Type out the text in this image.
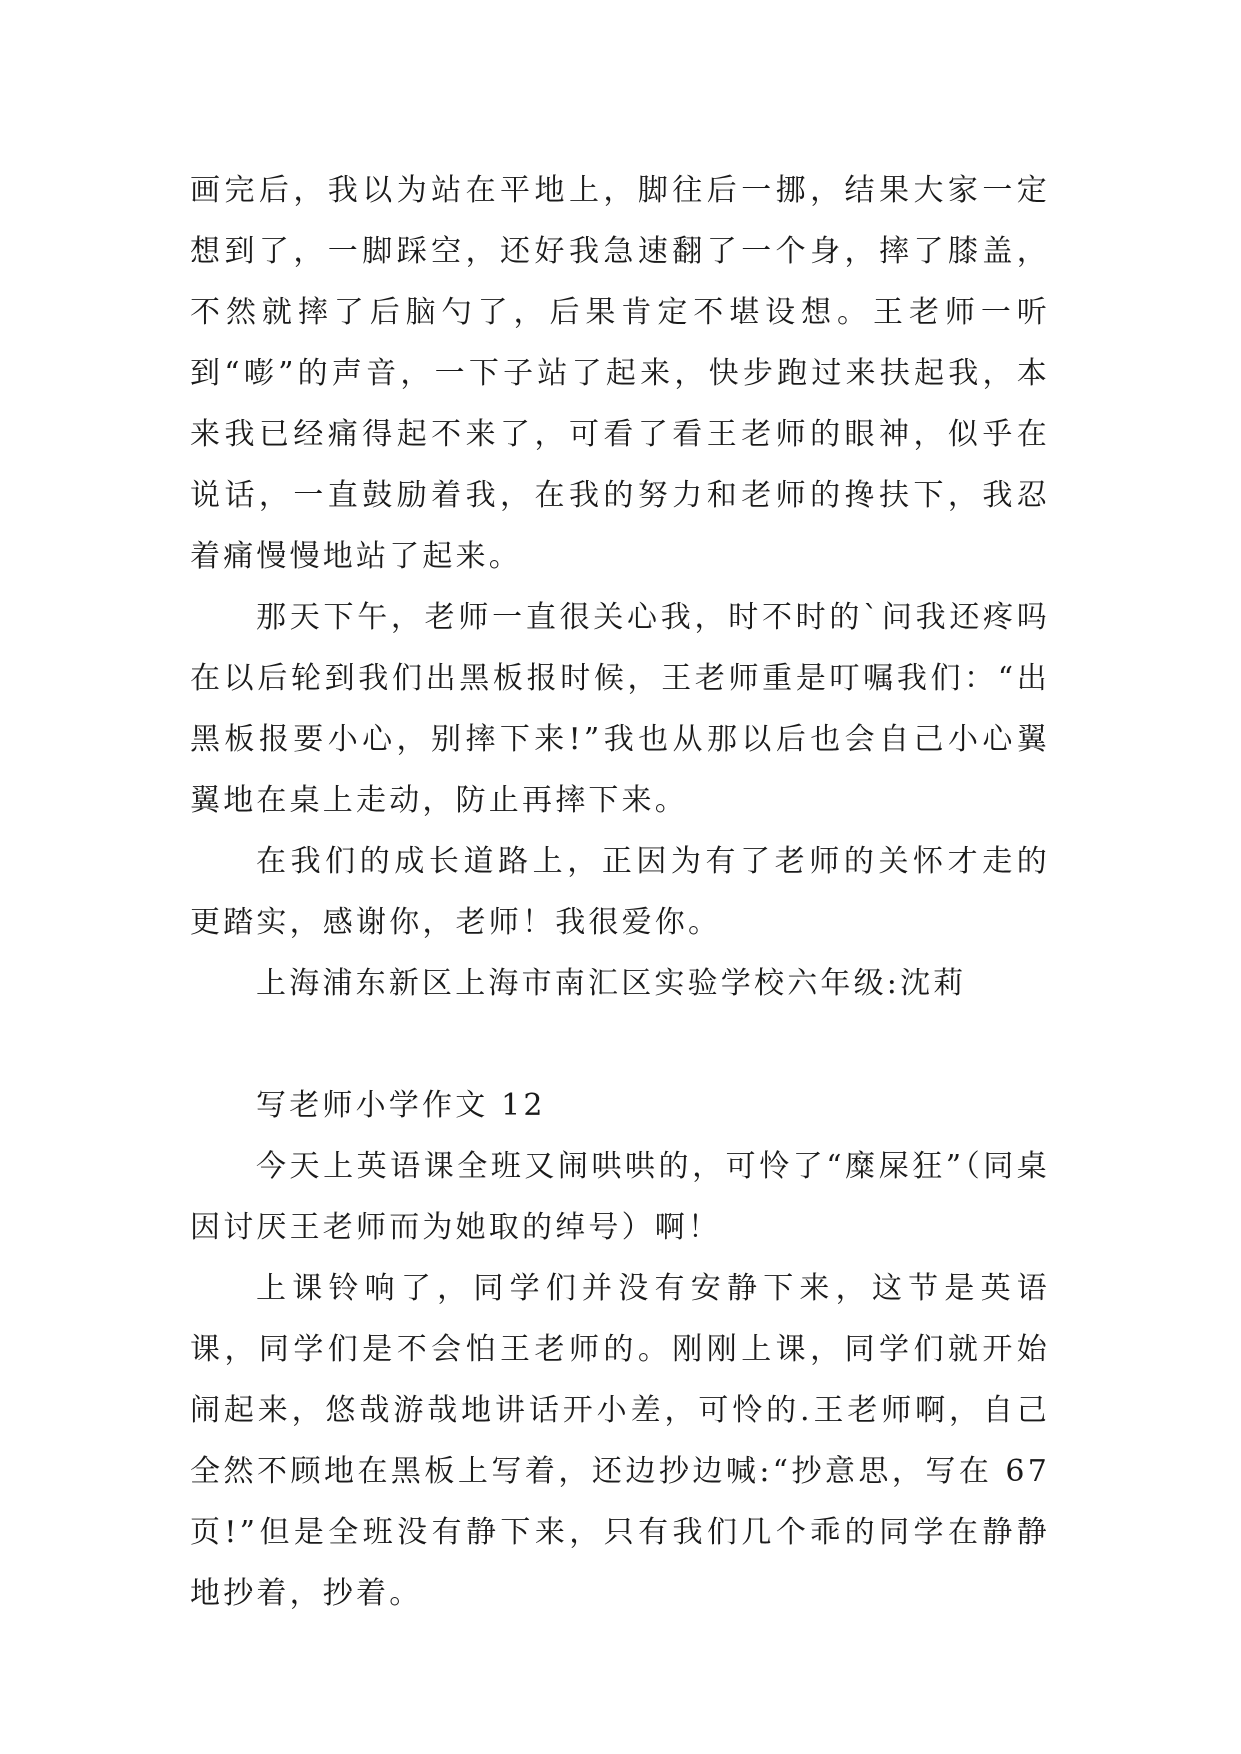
画完后，我以为站在平地上，脚往后一挪，结果大家一定想到了，一脚踩空，还好我急速翻了一个身，摔了膝盖，不然就摔了后脑勺了，后果肯定不堪设想。王老师一听到“嘭”的声音，一下子站了起来，快步跑过来扶起我，本来我已经痛得起不来了，可看了看王老师的眼神，似乎在说话，一直鼓励着我，在我的努力和老师的搀扶下，我忍着痛慢慢地站了起来。

那天下午，老师一直很关心我，时不时的`问我还疼吗在以后轮到我们出黑板报时候，王老师重是叮嘱我们：“出黑板报要小心，别摔下来!”我也从那以后也会自己小心翼翼地在桌上走动，防止再摔下来。

在我们的成长道路上，正因为有了老师的关怀才走的更踏实，感谢你，老师！我很爱你。

上海浦东新区上海市南汇区实验学校六年级:沈莉

写老师小学作文 12

今天上英语课全班又闹哄哄的，可怜了“糜屎狂”（同桌因讨厌王老师而为她取的绰号）啊！

上课铃响了，同学们并没有安静下来，这节是英语课，同学们是不会怕王老师的。刚刚上课，同学们就开始闹起来，悠哉游哉地讲话开小差，可怜的.王老师啊，自己全然不顾地在黑板上写着，还边抄边喊:“抄意思，写在 67 页!”但是全班没有静下来，只有我们几个乖的同学在静静地抄着，抄着。
